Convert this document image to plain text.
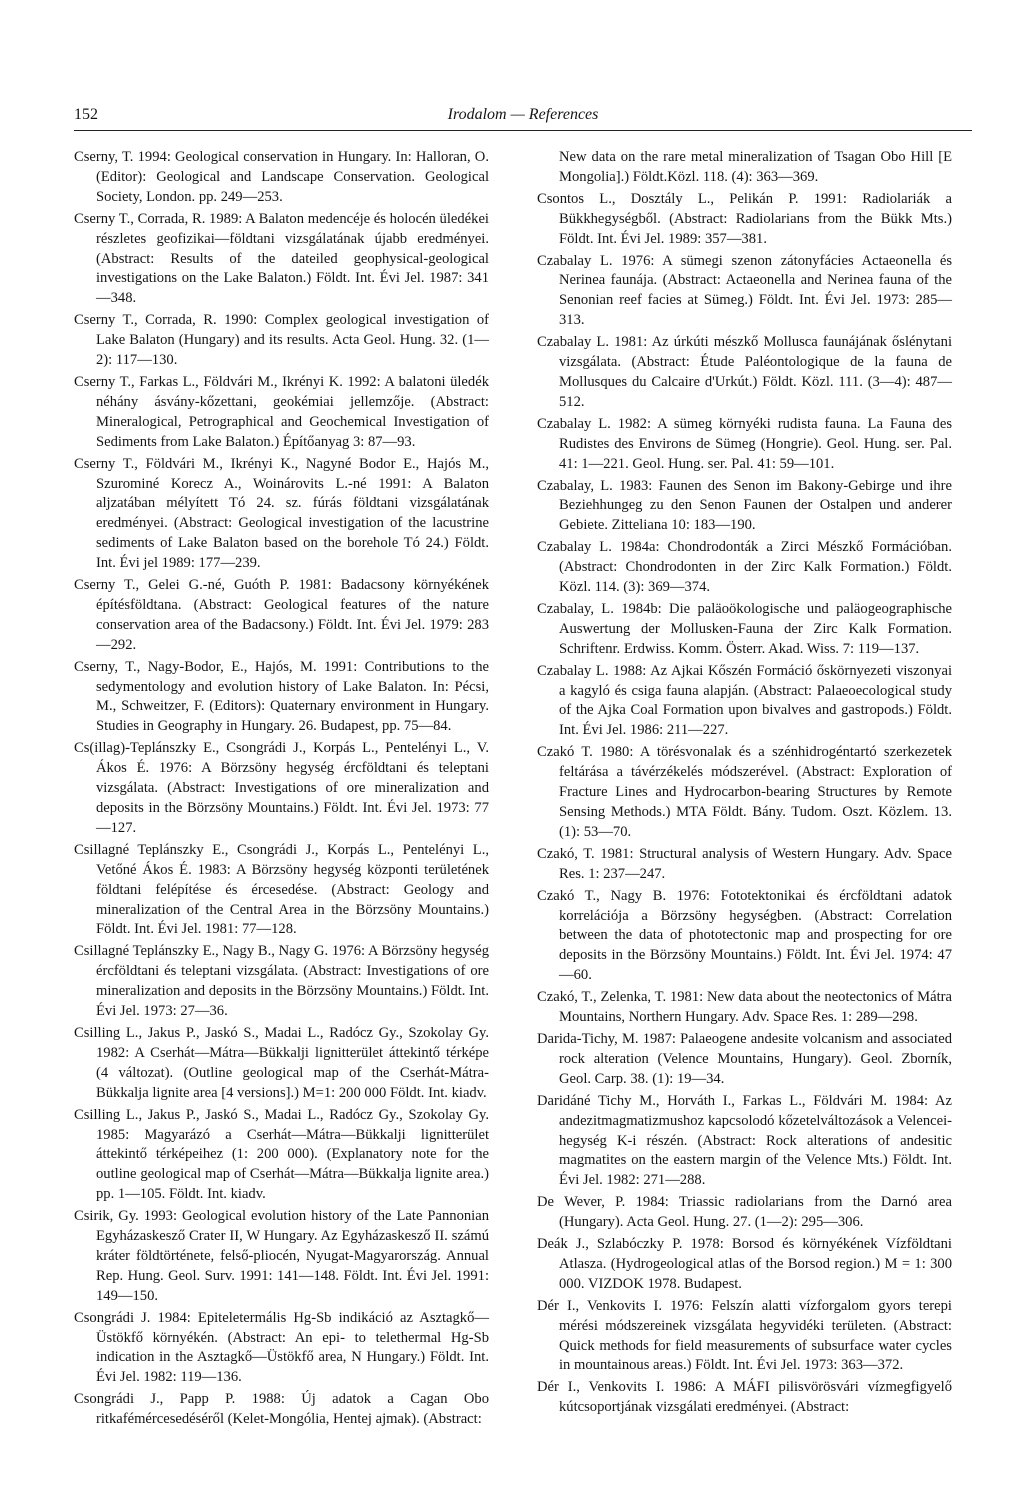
152	Irodalom — References

Cserny, T. 1994: Geological conservation in Hungary. In: Halloran, O. (Editor): Geological and Landscape Conservation. Geological Society, London. pp. 249—253.

Cserny T., Corrada, R. 1989: A Balaton medencéje és holocén üledékei részletes geofizikai—földtani vizsgálatának újabb eredményei. (Abstract: Results of the dateiled geophysical-geological investigations on the Lake Balaton.) Földt. Int. Évi Jel. 1987: 341—348.

Cserny T., Corrada, R. 1990: Complex geological investigation of Lake Balaton (Hungary) and its results. Acta Geol. Hung. 32. (1—2): 117—130.

Cserny T., Farkas L., Földvári M., Ikrényi K. 1992: A balatoni üledék néhány ásvány-kőzettani, geokémiai jellemzője. (Abstract: Mineralogical, Petrographical and Geochemical Investigation of Sediments from Lake Balaton.) Építőanyag 3: 87—93.

Cserny T., Földvári M., Ikrényi K., Nagyné Bodor E., Hajós M., Szurominé Korecz A., Woinárovits L.-né 1991: A Balaton aljzatában mélyített Tó 24. sz. fúrás földtani vizsgálatának eredményei. (Abstract: Geological investigation of the lacustrine sediments of Lake Balaton based on the borehole Tó 24.) Földt. Int. Évi jel 1989: 177—239.

Cserny T., Gelei G.-né, Guóth P. 1981: Badacsony környékének építésföldtana. (Abstract: Geological features of the nature conservation area of the Badacsony.) Földt. Int. Évi Jel. 1979: 283—292.

Cserny, T., Nagy-Bodor, E., Hajós, M. 1991: Contributions to the sedymentology and evolution history of Lake Balaton. In: Pécsi, M., Schweitzer, F. (Editors): Quaternary environment in Hungary. Studies in Geography in Hungary. 26. Budapest, pp. 75—84.

Cs(illag)-Teplánszky E., Csongrádi J., Korpás L., Pentelényi L., V. Ákos É. 1976: A Börzsöny hegység ércföldtani és teleptani vizsgálata. (Abstract: Investigations of ore mineralization and deposits in the Börzsöny Mountains.) Földt. Int. Évi Jel. 1973: 77—127.

Csillagné Teplánszky E., Csongrádi J., Korpás L., Pentelényi L., Vetőné Ákos É. 1983: A Börzsöny hegység központi területének földtani felépítése és ércesedése. (Abstract: Geology and mineralization of the Central Area in the Börzsöny Mountains.) Földt. Int. Évi Jel. 1981: 77—128.

Csillagné Teplánszky E., Nagy B., Nagy G. 1976: A Börzsöny hegység ércföldtani és teleptani vizsgálata. (Abstract: Investigations of ore mineralization and deposits in the Börzsöny Mountains.) Földt. Int. Évi Jel. 1973: 27—36.

Csilling L., Jakus P., Jaskó S., Madai L., Radócz Gy., Szokolay Gy. 1982: A Cserhát—Mátra—Bükkalji lignitterület áttekintő térképe (4 változat). (Outline geological map of the Cserhát-Mátra-Bükkalja lignite area [4 versions].) M=1: 200 000 Földt. Int. kiadv.

Csilling L., Jakus P., Jaskó S., Madai L., Radócz Gy., Szokolay Gy. 1985: Magyarázó a Cserhát—Mátra—Bükkalji lignitterület áttekintő térképeihez (1: 200 000). (Explanatory note for the outline geological map of Cserhát—Mátra—Bükkalja lignite area.) pp. 1—105. Földt. Int. kiadv.

Csirik, Gy. 1993: Geological evolution history of the Late Pannonian Egyházaskesző Crater II, W Hungary. Az Egyházaskesző II. számú kráter földtörténete, felső-pliocén, Nyugat-Magyarország. Annual Rep. Hung. Geol. Surv. 1991: 141—148. Földt. Int. Évi Jel. 1991: 149—150.

Csongrádi J. 1984: Epiteletermális Hg-Sb indikáció az Asztagkő—Üstökfő környékén. (Abstract: An epi- to telethermal Hg-Sb indication in the Asztagkő—Üstökfő area, N Hungary.) Földt. Int. Évi Jel. 1982: 119—136.

Csongrádi J., Papp P. 1988: Új adatok a Cagan Obo ritkafémércesedéséről (Kelet-Mongólia, Hentej ajmak). (Abstract:

New data on the rare metal mineralization of Tsagan Obo Hill [E Mongolia].) Földt.Közl. 118. (4): 363—369.

Csontos L., Dosztály L., Pelikán P. 1991: Radiolariák a Bükkhegységből. (Abstract: Radiolarians from the Bükk Mts.) Földt. Int. Évi Jel. 1989: 357—381.

Czabalay L. 1976: A sümegi szenon zátonyfácies Actaeonella és Nerinea faunája. (Abstract: Actaeonella and Nerinea fauna of the Senonian reef facies at Sümeg.) Földt. Int. Évi Jel. 1973: 285—313.

Czabalay L. 1981: Az úrkúti mészkő Mollusca faunájának őslénytani vizsgálata. (Abstract: Étude Paléontologique de la fauna de Mollusques du Calcaire d'Urkút.) Földt. Közl. 111. (3—4): 487—512.

Czabalay L. 1982: A sümeg környéki rudista fauna. La Fauna des Rudistes des Environs de Sümeg (Hongrie). Geol. Hung. ser. Pal. 41: 1—221. Geol. Hung. ser. Pal. 41: 59—101.

Czabalay, L. 1983: Faunen des Senon im Bakony-Gebirge und ihre Beziehhungeg zu den Senon Faunen der Ostalpen und anderer Gebiete. Zitteliana 10: 183—190.

Czabalay L. 1984a: Chondrodonták a Zirci Mészkő Formációban. (Abstract: Chondrodonten in der Zirc Kalk Formation.) Földt. Közl. 114. (3): 369—374.

Czabalay, L. 1984b: Die paläoökologische und paläogeographische Auswertung der Mollusken-Fauna der Zirc Kalk Formation. Schriftenr. Erdwiss. Komm. Österr. Akad. Wiss. 7: 119—137.

Czabalay L. 1988: Az Ajkai Kőszén Formáció őskörnyezeti viszonyai a kagyló és csiga fauna alapján. (Abstract: Palaeoecological study of the Ajka Coal Formation upon bivalves and gastropods.) Földt. Int. Évi Jel. 1986: 211—227.

Czakó T. 1980: A törésvonalak és a szénhidrogéntartó szerkezetek feltárása a távérzékelés módszerével. (Abstract: Exploration of Fracture Lines and Hydrocarbon-bearing Structures by Remote Sensing Methods.) MTA Földt. Bány. Tudom. Oszt. Közlem. 13. (1): 53—70.

Czakó, T. 1981: Structural analysis of Western Hungary. Adv. Space Res. 1: 237—247.

Czakó T., Nagy B. 1976: Fototektonikai és ércföldtani adatok korrelációja a Börzsöny hegységben. (Abstract: Correlation between the data of phototectonic map and prospecting for ore deposits in the Börzsöny Mountains.) Földt. Int. Évi Jel. 1974: 47—60.

Czakó, T., Zelenka, T. 1981: New data about the neotectonics of Mátra Mountains, Northern Hungary. Adv. Space Res. 1: 289—298.

Darida-Tichy, M. 1987: Palaeogene andesite volcanism and associated rock alteration (Velence Mountains, Hungary). Geol. Zborník, Geol. Carp. 38. (1): 19—34.

Daridáné Tichy M., Horváth I., Farkas L., Földvári M. 1984: Az andezitmagmatizmushoz kapcsolodó kőzetelváltozások a Velencei-hegység K-i részén. (Abstract: Rock alterations of andesitic magmatites on the eastern margin of the Velence Mts.) Földt. Int. Évi Jel. 1982: 271—288.

De Wever, P. 1984: Triassic radiolarians from the Darnó area (Hungary). Acta Geol. Hung. 27. (1—2): 295—306.

Deák J., Szlabóczky P. 1978: Borsod és környékének Vízföldtani Atlasza. (Hydrogeological atlas of the Borsod region.) M = 1: 300 000. VIZDOK 1978. Budapest.

Dér I., Venkovits I. 1976: Felszín alatti vízforgalom gyors terepi mérési módszereinek vizsgálata hegyvidéki területen. (Abstract: Quick methods for field measurements of subsurface water cycles in mountainous areas.) Földt. Int. Évi Jel. 1973: 363—372.

Dér I., Venkovits I. 1986: A MÁFI pilisvörösvári vízmegfigyelő kútcsoportjának vizsgálati eredményei. (Abstract:
